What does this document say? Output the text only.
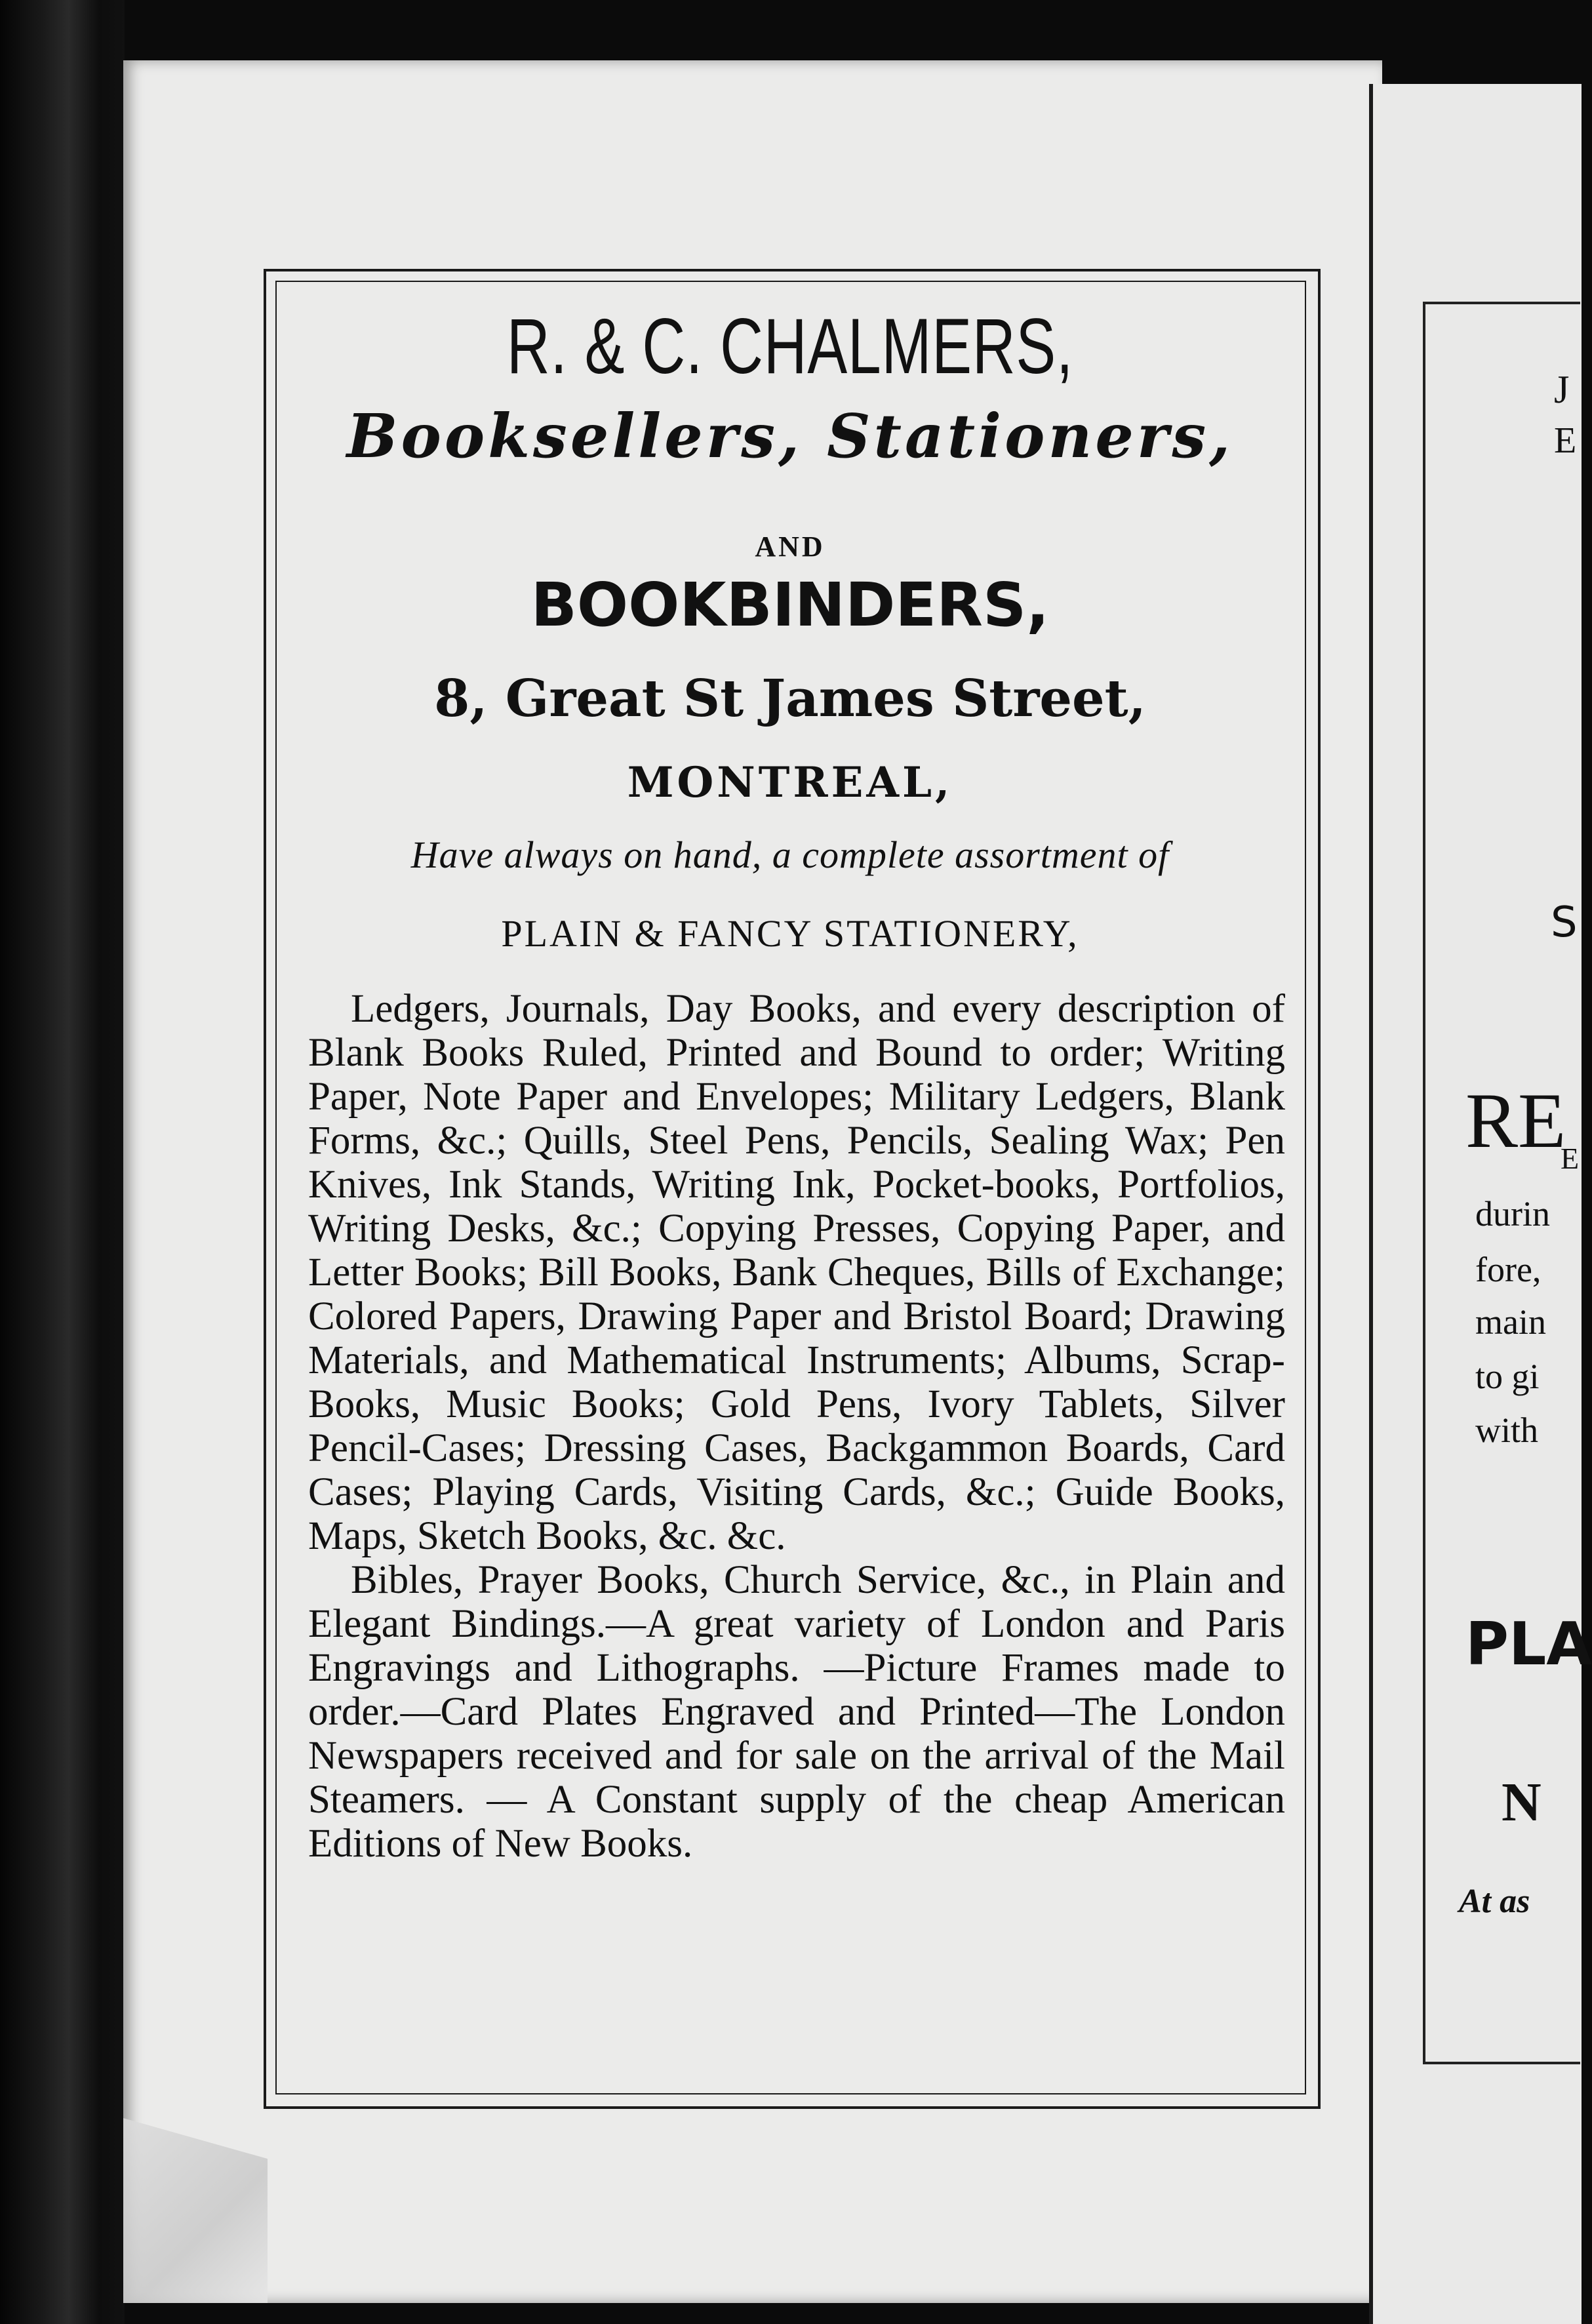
J
E
S
RE
E
durin
fore,
main
to gi
with
PLA
N
At as
R. & C. CHALMERS,
Booksellers, Stationers,
AND
BOOKBINDERS,
8, Great St James Street,
MONTREAL,
Have always on hand, a complete assortment of
PLAIN & FANCY STATIONERY,

Ledgers, Journals, Day Books, and every description of Blank Books Ruled, Printed and Bound to order; Writing Paper, Note Paper and Envelopes; Military Ledgers, Blank Forms, &c.; Quills, Steel Pens, Pencils, Sealing Wax; Pen Knives, Ink Stands, Writing Ink, Pocket-books, Portfolios, Writing Desks, &c.; Copying Presses, Copying Paper, and Letter Books; Bill Books, Bank Cheques, Bills of Exchange; Colored Papers, Drawing Paper and Bristol Board; Drawing Materials, and Mathematical Instruments; Albums, Scrap-Books, Music Books; Gold Pens, Ivory Tablets, Silver Pencil-Cases; Dressing Cases, Backgammon Boards, Card Cases; Playing Cards, Visiting Cards, &c.; Guide Books, Maps, Sketch Books, &c. &c.

Bibles, Prayer Books, Church Service, &c., in Plain and Elegant Bindings.—A great variety of London and Paris Engravings and Lithographs. —Picture Frames made to order.—Card Plates Engraved and Printed—The London Newspapers received and for sale on the arrival of the Mail Steamers. — A Constant supply of the cheap American Editions of New Books.
